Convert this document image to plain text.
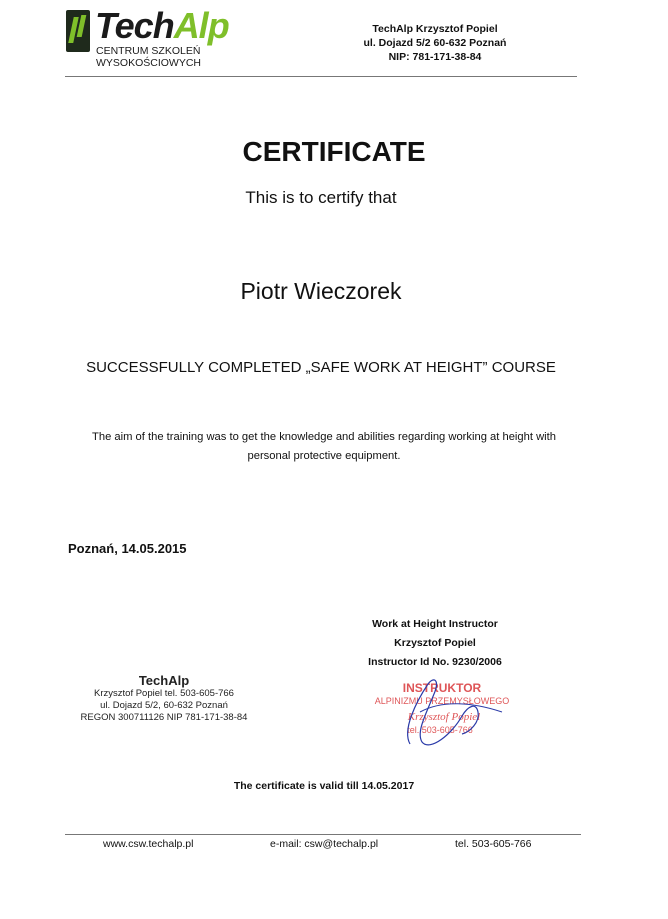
TechAlp
CENTRUM SZKOLEŃ
WYSOKOŚCIOWYCH
TechAlp Krzysztof Popiel
ul. Dojazd 5/2 60-632 Poznań
NIP: 781-171-38-84
CERTIFICATE
This is to certify that
Piotr Wieczorek
SUCCESSFULLY COMPLETED „SAFE WORK AT HEIGHT” COURSE
The aim of the training was to get the knowledge and abilities regarding working at height with
personal protective equipment.
Poznań, 14.05.2015
Work at Height Instructor
Krzysztof Popiel
Instructor Id No. 9230/2006
TechAlp
Krzysztof Popiel tel. 503-605-766
ul. Dojazd 5/2, 60-632 Poznań
REGON 300711126 NIP 781-171-38-84
INSTRUKTOR
ALPINIZMU PRZEMYSŁOWEGO
Krzysztof Popiel
tel. 503-605-766
The certificate is valid till 14.05.2017
www.csw.techalp.pl	e-mail: csw@techalp.pl	tel. 503-605-766
